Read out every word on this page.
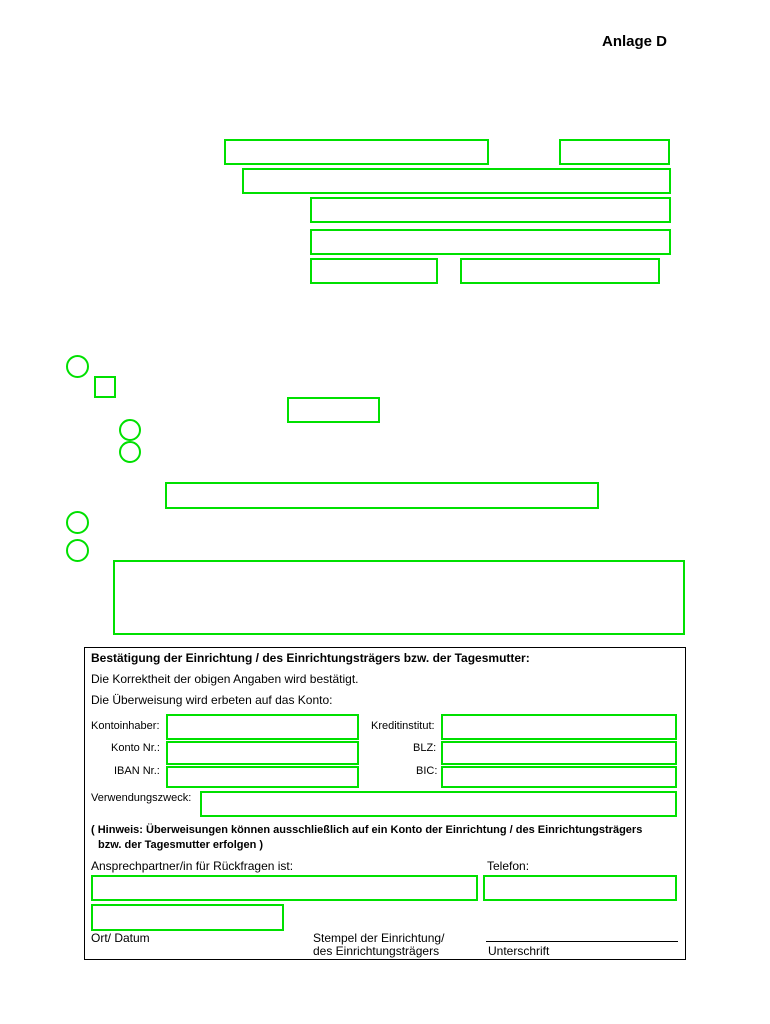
Anlage D
Bestätigung der Einrichtung / des Einrichtungsträgers bzw. der Tagesmutter:
Die Korrektheit der obigen Angaben wird bestätigt.
Die Überweisung wird erbeten auf das Konto:
Kontoinhaber:	Kreditinstitut:
Konto Nr.:	BLZ:
IBAN Nr.:	BIC:
Verwendungszweck:
( Hinweis: Überweisungen können ausschließlich auf ein Konto der Einrichtung / des Einrichtungsträgers
bzw. der Tagesmutter erfolgen )
Ansprechpartner/in für Rückfragen ist:	Telefon:
Ort/ Datum	Stempel der Einrichtung/
des Einrichtungsträgers	Unterschrift
